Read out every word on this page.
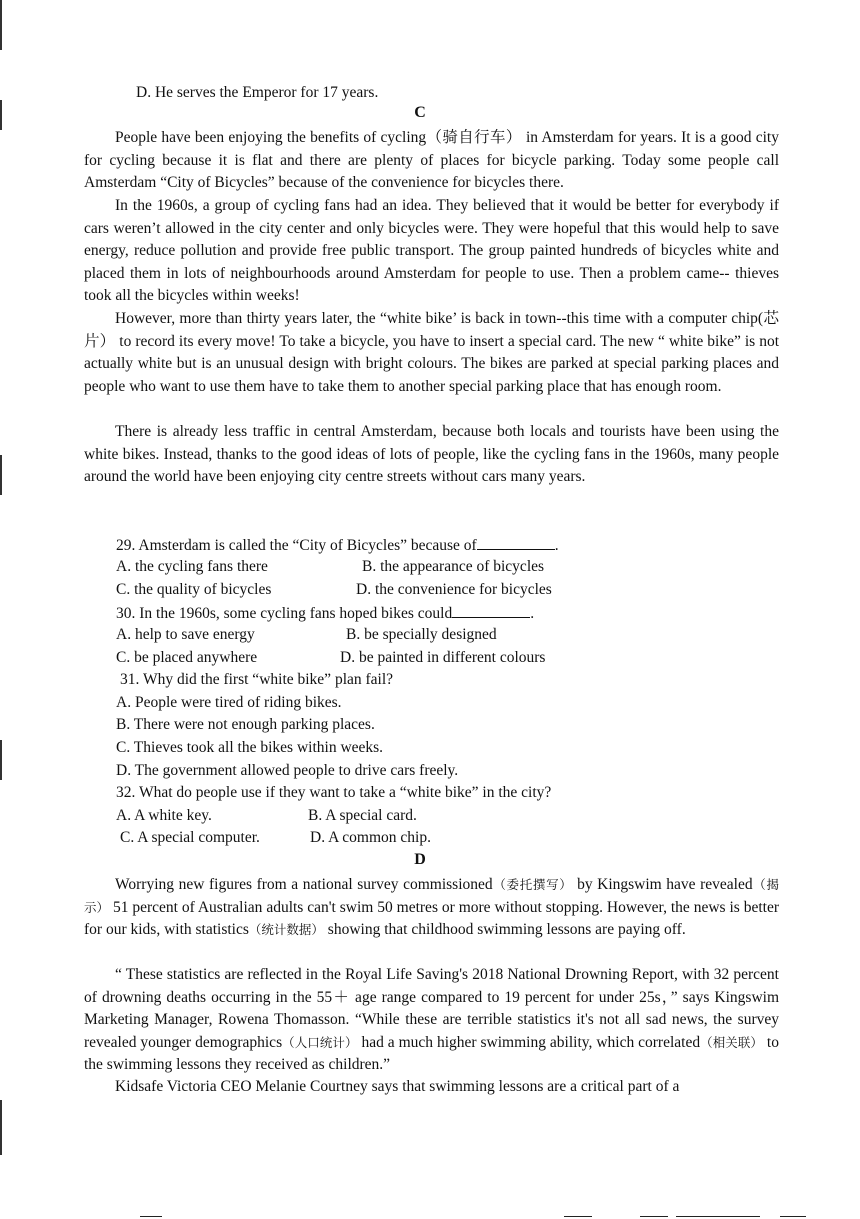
D. He serves the Emperor for 17 years.
C

People have been enjoying the benefits of cycling（骑自行车） in Amsterdam for years. It is a good city for cycling because it is flat and there are plenty of places for bicycle parking. Today some people call Amsterdam “City of Bicycles” because of the convenience for bicycles there.

In the 1960s, a group of cycling fans had an idea. They believed that it would be better for everybody if cars weren’t allowed in the city center and only bicycles were. They were hopeful that this would help to save energy, reduce pollution and provide free public transport. The group painted hundreds of bicycles white and placed them in lots of neighbourhoods around Amsterdam for people to use. Then a problem came-- thieves took all the bicycles within weeks!

However, more than thirty years later, the “white bike’ is back in town--this time with a computer chip(芯片） to record its every move! To take a bicycle, you have to insert a special card. The new “ white bike” is not actually white but is an unusual design with bright colours. The bikes are parked at special parking places and people who want to use them have to take them to another special parking place that has enough room.

There is already less traffic in central Amsterdam, because both locals and tourists have been using the white bikes. Instead, thanks to the good ideas of lots of people, like the cycling fans in the 1960s, many people around the world have been enjoying city centre streets without cars many years.

29. Amsterdam is called the “City of Bicycles” because of	.
A. the cycling fans there	B. the appearance of bicycles
C. the quality of bicycles	D. the convenience for bicycles
30. In the 1960s, some cycling fans hoped bikes could	.
A. help to save energy	B. be specially designed
C. be placed anywhere	D. be painted in different colours
31. Why did the first “white bike” plan fail?
A. People were tired of riding bikes.
B. There were not enough parking places.
C. Thieves took all the bikes within weeks.
D. The government allowed people to drive cars freely.
32. What do people use if they want to take a “white bike” in the city?
A. A white key.	B. A special card.
C. A special computer.	D. A common chip.
D

Worrying new figures from a national survey commissioned（委托撰写） by Kingswim have revealed（揭示） 51 percent of Australian adults can't swim 50 metres or more without stopping. However, the news is better for our kids, with statistics（统计数据） showing that childhood swimming lessons are paying off.

“ These statistics are reflected in the Royal Life Saving's 2018 National Drowning Report, with 32 percent of drowning deaths occurring in the 55＋ age range compared to 19 percent for under 25s，” says Kingswim Marketing Manager, Rowena Thomasson. “While these are terrible statistics it's not all sad news, the survey revealed younger demographics（人口统计） had a much higher swimming ability, which correlated（相关联） to the swimming lessons they received as children.”

Kidsafe Victoria CEO Melanie Courtney says that swimming lessons are a critical part of a
